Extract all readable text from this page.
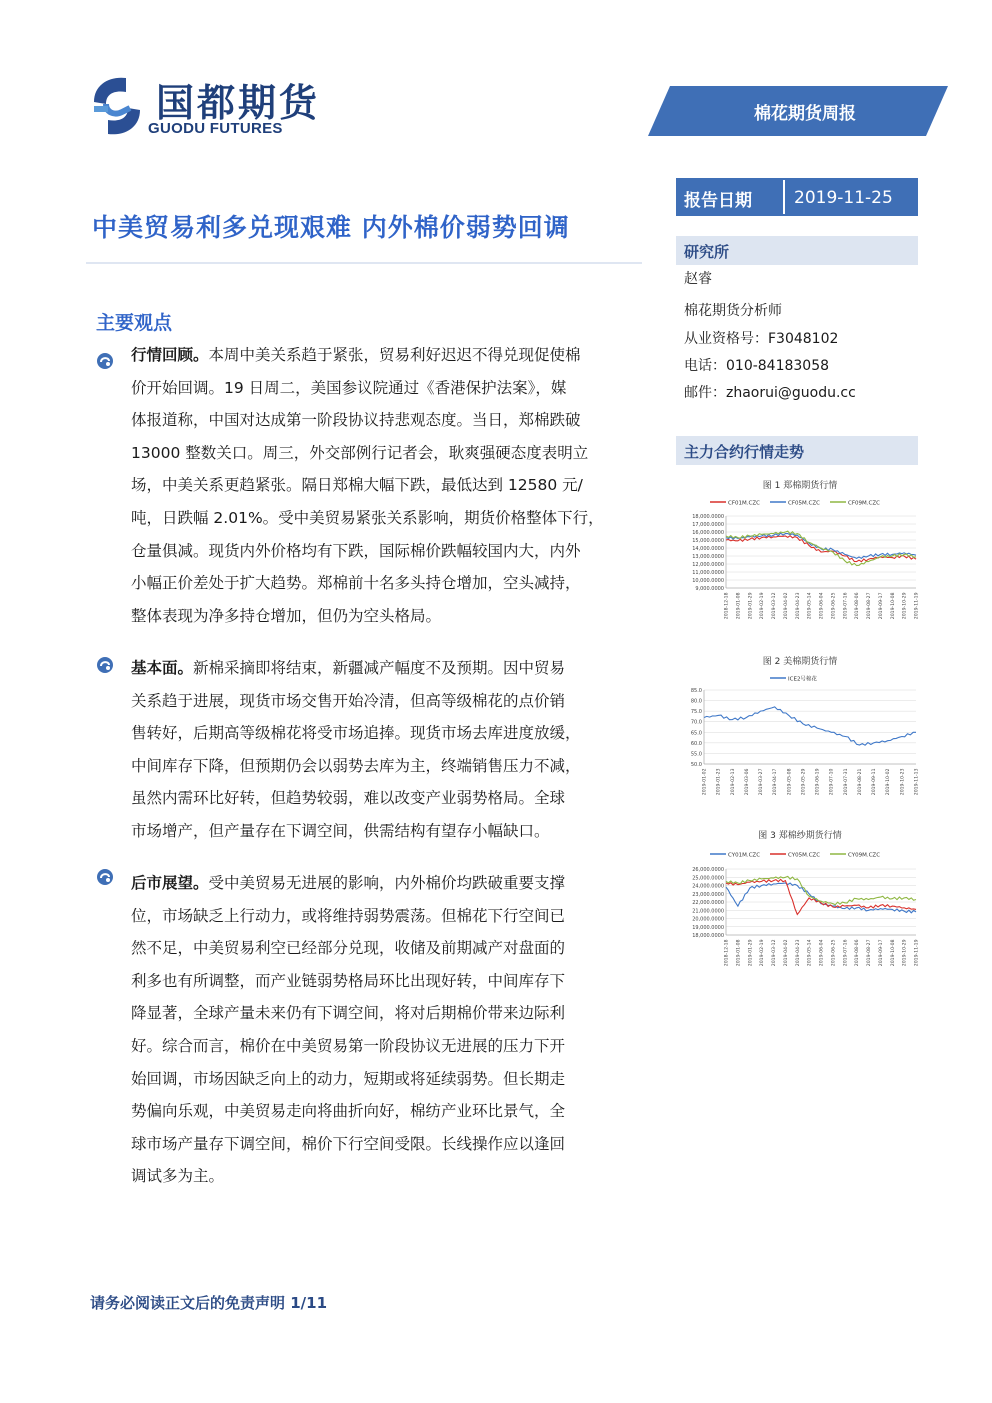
国都期货
GUODU FUTURES
棉花期货周报
报告日期 2019-11-25
中美贸易利多兑现艰难 内外棉价弱势回调
研究所
赵睿
棉花期货分析师
从业资格号：F3048102
电话：010-84183058
邮件：zhaorui@guodu.cc
主力合约行情走势
主要观点
行情回顾。本周中美关系趋于紧张，贸易利好迟迟不得兑现促使棉
价开始回调。19 日周二，美国参议院通过《香港保护法案》，媒
体报道称，中国对达成第一阶段协议持悲观态度。当日，郑棉跌破
13000 整数关口。周三，外交部例行记者会，耿爽强硬态度表明立
场，中美关系更趋紧张。隔日郑棉大幅下跌，最低达到 12580 元/
吨，日跌幅 2.01%。受中美贸易紧张关系影响，期货价格整体下行，
仓量俱减。现货内外价格均有下跌，国际棉价跌幅较国内大，内外
小幅正价差处于扩大趋势。郑棉前十名多头持仓增加，空头减持，
整体表现为净多持仓增加，但仍为空头格局。
基本面。新棉采摘即将结束，新疆减产幅度不及预期。因中贸易
关系趋于进展，现货市场交售开始冷清，但高等级棉花的点价销
售转好，后期高等级棉花将受市场追捧。现货市场去库进度放缓，
中间库存下降，但预期仍会以弱势去库为主，终端销售压力不减，
虽然内需环比好转，但趋势较弱，难以改变产业弱势格局。全球
市场增产，但产量存在下调空间，供需结构有望存小幅缺口。
后市展望。受中美贸易无进展的影响，内外棉价均跌破重要支撑
位，市场缺乏上行动力，或将维持弱势震荡。但棉花下行空间已
然不足，中美贸易利空已经部分兑现，收储及前期减产对盘面的
利多也有所调整，而产业链弱势格局环比出现好转，中间库存下
降显著，全球产量未来仍有下调空间，将对后期棉价带来边际利
好。综合而言，棉价在中美贸易第一阶段协议无进展的压力下开
始回调，市场因缺乏向上的动力，短期或将延续弱势。但长期走
势偏向乐观，中美贸易走向将曲折向好，棉纺产业环比景气，全
球市场产量存下调空间，棉价下行空间受限。长线操作应以逢回
调试多为主。
图 1 郑棉期货行情
CF01M.CZC	CF05M.CZC	CF09M.CZC
18,000.0000
17,000.0000
16,000.0000
15,000.0000
14,000.0000
13,000.0000
12,000.0000
11,000.0000
10,000.0000
9,000.0000
2018-12-18 2019-01-08 2019-01-29 2019-02-19 2019-03-12 2019-04-02 2019-04-23 2019-05-14 2019-06-04 2019-06-25 2019-07-16 2019-08-06 2019-08-27 2019-09-17 2019-10-08 2019-10-29 2019-11-19
图 2 美棉期货行情
ICE2号棉花
85.0
80.0
75.0
70.0
65.0
60.0
55.0
50.0
2019-01-02 2019-01-23 2019-02-13 2019-03-06 2019-03-27 2019-04-17 2019-05-08 2019-05-29 2019-06-19 2019-07-10 2019-07-31 2019-08-21 2019-09-11 2019-10-02 2019-10-23 2019-11-13
图 3 郑棉纱期货行情
CY01M.CZC	CY05M.CZC	CY09M.CZC
26,000.0000
25,000.0000
24,000.0000
23,000.0000
22,000.0000
21,000.0000
20,000.0000
19,000.0000
18,000.0000
2018-12-18 2019-01-08 2019-01-29 2019-02-19 2019-03-12 2019-04-02 2019-04-23 2019-05-14 2019-06-04 2019-06-25 2019-07-16 2019-08-06 2019-08-27 2019-09-17 2019-10-08 2019-10-29 2019-11-19
请务必阅读正文后的免责声明 1/11
